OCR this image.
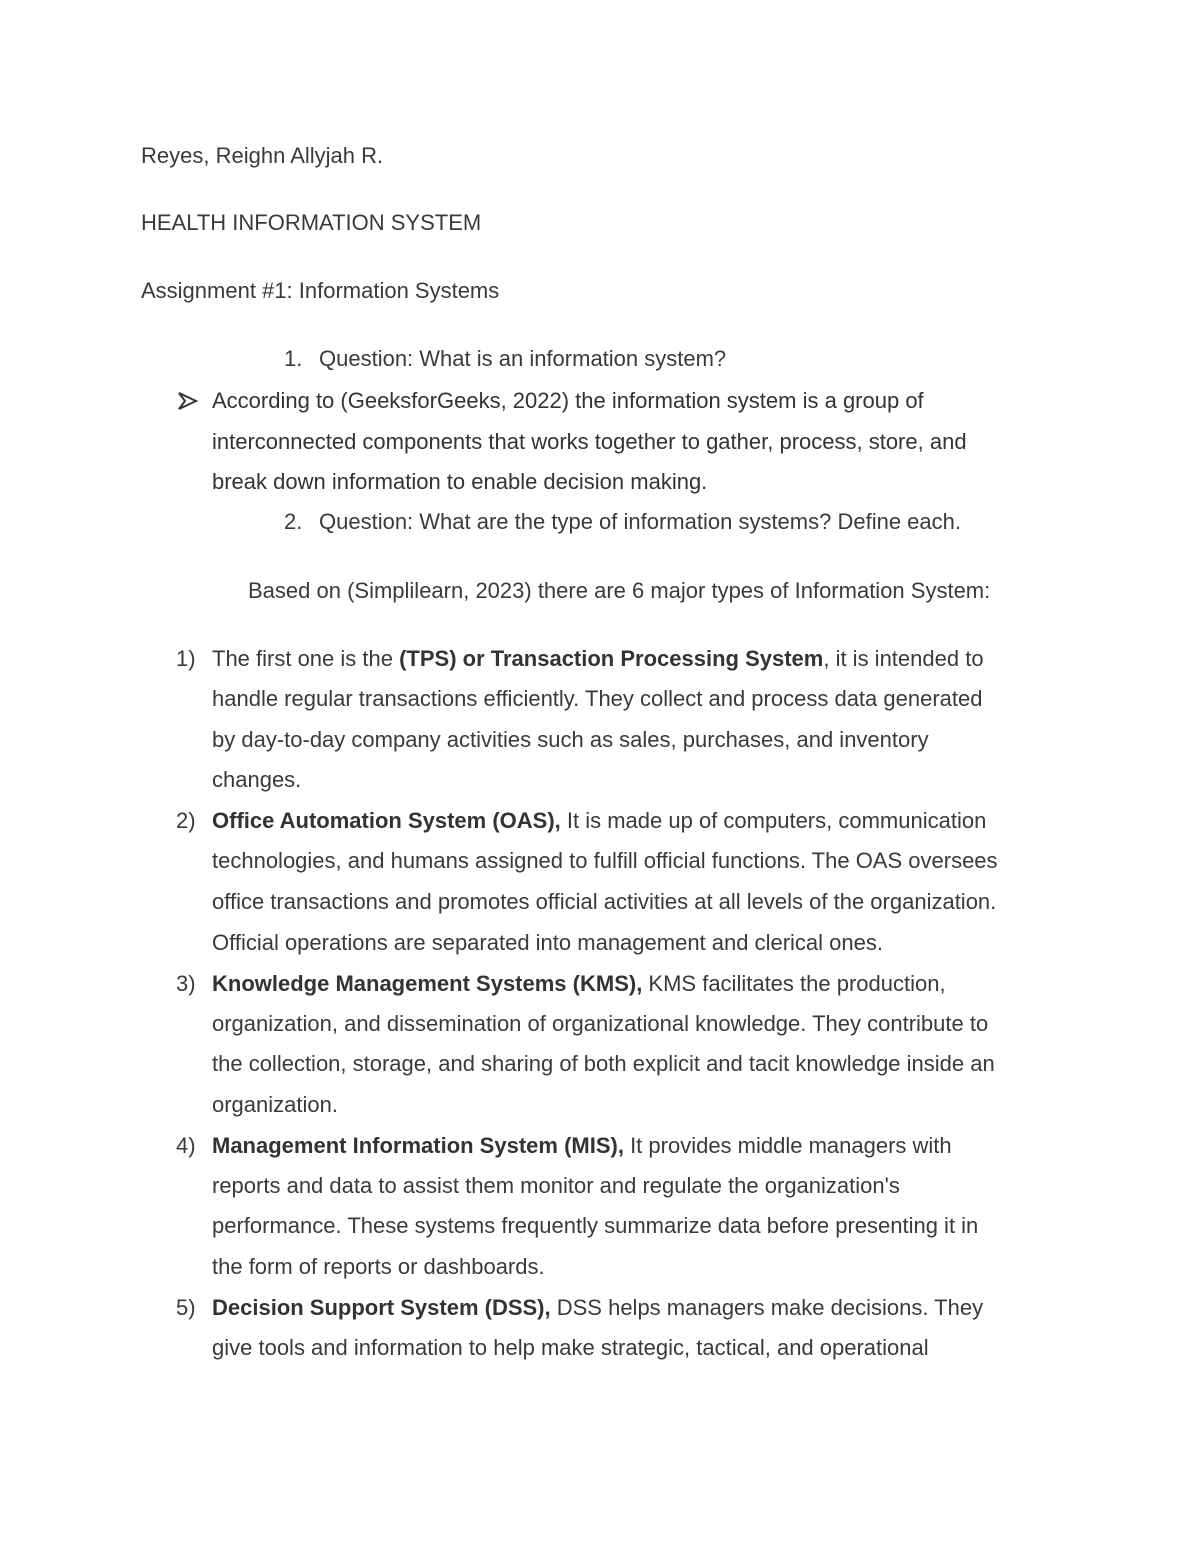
Reyes, Reighn Allyjah R.
HEALTH INFORMATION SYSTEM
Assignment #1: Information Systems
1. Question: What is an information system?
According to (GeeksforGeeks, 2022) the information system is a group of
interconnected components that works together to gather, process, store, and
break down information to enable decision making.
2. Question: What are the type of information systems? Define each.
Based on (Simplilearn, 2023) there are 6 major types of Information System:
1) The first one is the (TPS) or Transaction Processing System, it is intended to
handle regular transactions efficiently. They collect and process data generated
by day-to-day company activities such as sales, purchases, and inventory
changes.
2) Office Automation System (OAS), It is made up of computers, communication
technologies, and humans assigned to fulfill official functions. The OAS oversees
office transactions and promotes official activities at all levels of the organization.
Official operations are separated into management and clerical ones.
3) Knowledge Management Systems (KMS), KMS facilitates the production,
organization, and dissemination of organizational knowledge. They contribute to
the collection, storage, and sharing of both explicit and tacit knowledge inside an
organization.
4) Management Information System (MIS), It provides middle managers with
reports and data to assist them monitor and regulate the organization's
performance. These systems frequently summarize data before presenting it in
the form of reports or dashboards.
5) Decision Support System (DSS), DSS helps managers make decisions. They
give tools and information to help make strategic, tactical, and operational
